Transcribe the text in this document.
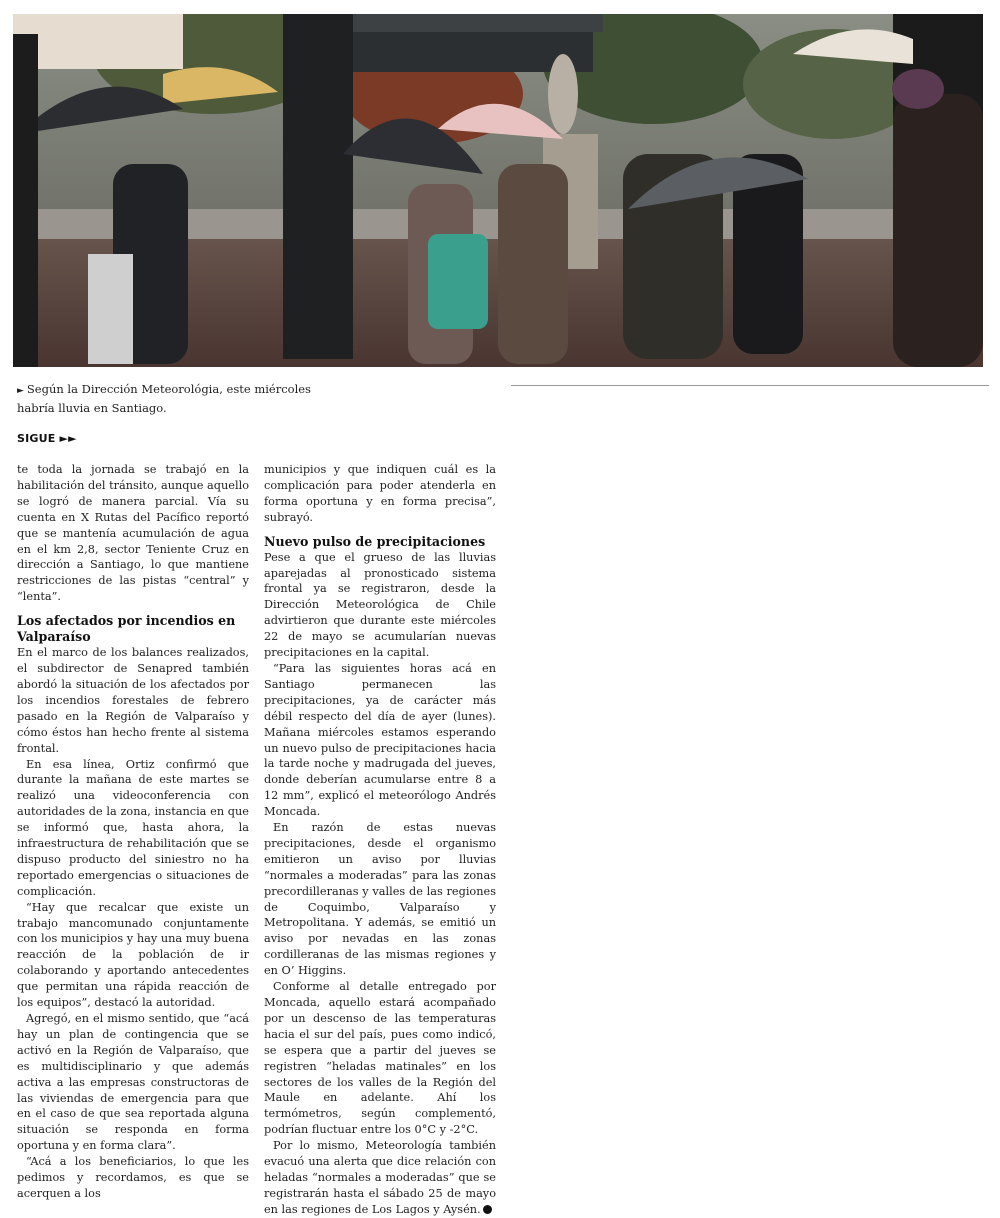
► Según la Dirección Meteorológia, este miércoles habría lluvia en Santiago.
SIGUE ►►

te toda la jornada se trabajó en la habilitación del tránsito, aunque aquello se logró de manera parcial. Vía su cuenta en X Rutas del Pacífico reportó que se mantenía acumulación de agua en el km 2,8, sector Teniente Cruz en dirección a Santiago, lo que mantiene restricciones de las pistas “central” y “lenta”.

Los afectados por incendios en Valparaíso

En el marco de los balances realizados, el subdirector de Senapred también abordó la situación de los afectados por los incendios forestales de febrero pasado en la Región de Valparaíso y cómo éstos han hecho frente al sistema frontal.

En esa línea, Ortiz confirmó que durante la mañana de este martes se realizó una videoconferencia con autoridades de la zona, instancia en que se informó que, hasta ahora, la infraestructura de rehabilitación que se dispuso producto del siniestro no ha reportado emergencias o situaciones de complicación.

“Hay que recalcar que existe un trabajo mancomunado conjuntamente con los municipios y hay una muy buena reacción de la población de ir colaborando y aportando antecedentes que permitan una rápida reacción de los equipos”, destacó la autoridad.

Agregó, en el mismo sentido, que “acá hay un plan de contingencia que se activó en la Región de Valparaíso, que es multidisciplinario y que además activa a las empresas constructoras de las viviendas de emergencia para que en el caso de que sea reportada alguna situación se responda en forma oportuna y en forma clara”.

“Acá a los beneficiarios, lo que les pedimos y recordamos, es que se acerquen a los

municipios y que indiquen cuál es la complicación para poder atenderla en forma oportuna y en forma precisa”, subrayó.

Nuevo pulso de precipitaciones

Pese a que el grueso de las lluvias aparejadas al pronosticado sistema frontal ya se registraron, desde la Dirección Meteorológica de Chile advirtieron que durante este miércoles 22 de mayo se acumularían nuevas precipitaciones en la capital.

“Para las siguientes horas acá en Santiago permanecen las precipitaciones, ya de carácter más débil respecto del día de ayer (lunes). Mañana miércoles estamos esperando un nuevo pulso de precipitaciones hacia la tarde noche y madrugada del jueves, donde deberían acumularse entre 8 a 12 mm”, explicó el meteorólogo Andrés Moncada.

En razón de estas nuevas precipitaciones, desde el organismo emitieron un aviso por lluvias “normales a moderadas” para las zonas precordilleranas y valles de las regiones de Coquimbo, Valparaíso y Metropolitana. Y además, se emitió un aviso por nevadas en las zonas cordilleranas de las mismas regiones y en O’ Higgins.

Conforme al detalle entregado por Moncada, aquello estará acompañado por un descenso de las temperaturas hacia el sur del país, pues como indicó, se espera que a partir del jueves se registren “heladas matinales” en los sectores de los valles de la Región del Maule en adelante. Ahí los termómetros, según complementó, podrían fluctuar entre los 0°C y -2°C.

Por lo mismo, Meteorología también evacuó una alerta que dice relación con heladas “normales a moderadas” que se registrarán hasta el sábado 25 de mayo en las regiones de Los Lagos y Aysén.
